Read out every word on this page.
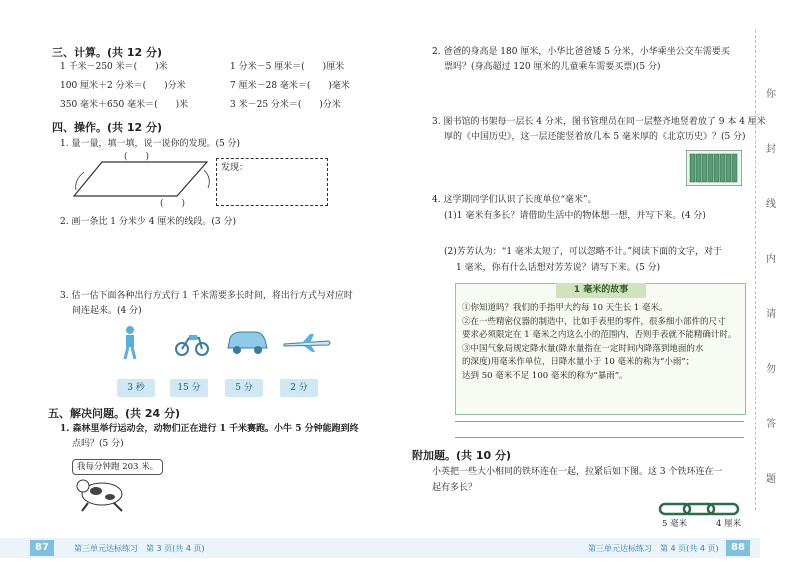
三、计算。(共 12 分)
1 千米－250 米＝(　　)米	1 分米－5 厘米＝(　　)厘米
100 厘米＋2 分米＝(　　)分米	7 厘米－28 毫米＝(　　)毫米
350 毫米＋650 毫米＝(　　)米	3 米－25 分米＝(　　)分米
四、操作。(共 12 分)
1. 量一量，填一填，说一说你的发现。(5 分)
(　　)
(　　)
发现：
2. 画一条比 1 分米少 4 厘米的线段。(3 分)
3. 估一估下面各种出行方式行 1 千米需要多长时间，将出行方式与对应时
间连起来。(4 分)
3 秒	15 分	5 分	2 分
五、解决问题。(共 24 分)
1. 森林里举行运动会，动物们正在进行 1 千米赛跑。小牛 5 分钟能跑到终
点吗？(5 分)
我每分钟跑 203 米。
87	第三单元达标练习　第 3 页(共 4 页)
2. 爸爸的身高是 180 厘米，小华比爸爸矮 5 分米，小华乘坐公交车需要买
票吗？(身高超过 120 厘米的儿童乘车需要买票)(5 分)
3. 图书馆的书架每一层长 4 分米，图书管理员在同一层整齐地竖着放了 9 本 4 厘米
厚的《中国历史》，这一层还能竖着放几本 5 毫米厚的《北京历史》？(5 分)
4. 这学期同学们认识了长度单位“毫米”。
(1)1 毫米有多长？请借助生活中的物体想一想，并写下来。(4 分)
(2)芳芳认为：“1 毫米太短了，可以忽略不计。”阅读下面的文字，对于
1 毫米，你有什么话想对芳芳说？请写下来。(5 分)
1 毫米的故事
①你知道吗？我们的手指甲大约每 10 天生长 1 毫米。
②在一些精密仪器的制造中，比如手表里的零件，很多细小部件的尺寸
要求必须限定在 1 毫米之内这么小的范围内，否则手表就不能精确计时。
③中国气象局规定降水量(降水量指在一定时间内降落到地面的水
的深度)用毫米作单位，日降水量小于 10 毫米的称为“小雨”；
达到 50 毫米不足 100 毫米的称为“暴雨”。
附加题。(共 10 分)
小英把一些大小相同的铁环连在一起，拉紧后如下图。这 3 个铁环连在一
起有多长？
5 毫米	4 厘米
第三单元达标练习　第 4 页(共 4 页)	88
你
封
线
内
请
勿
答
题
